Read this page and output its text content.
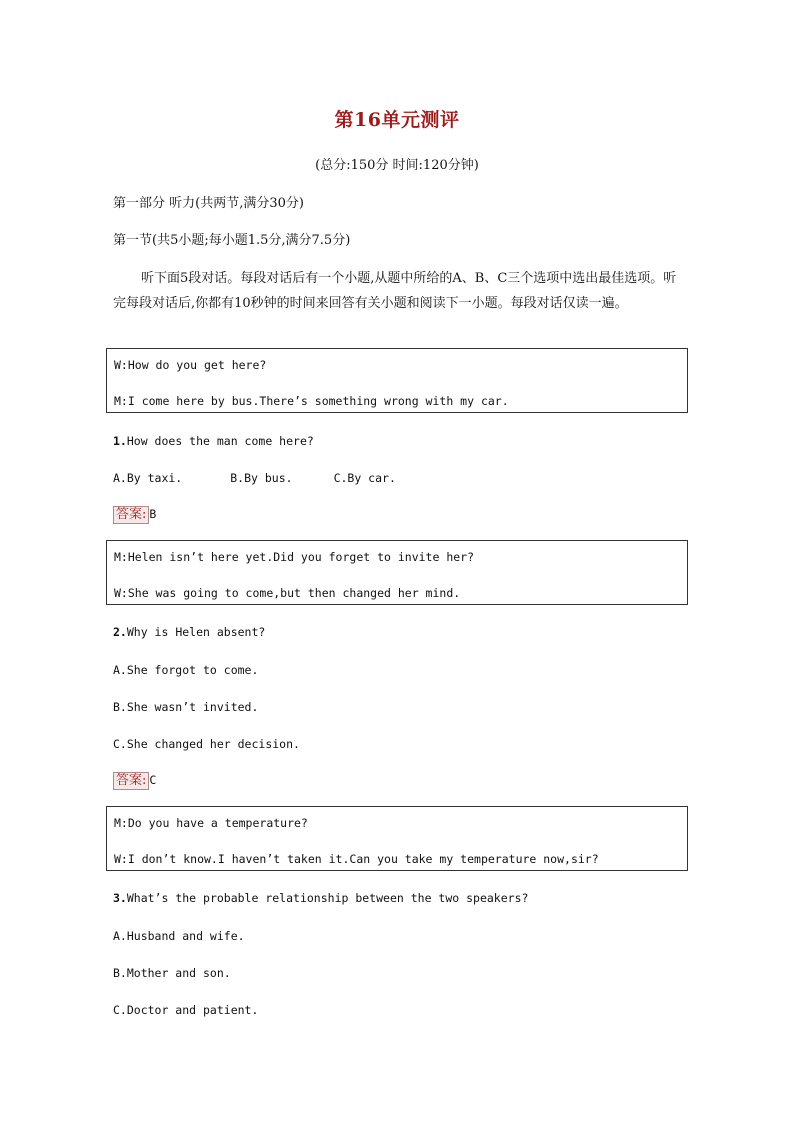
第16单元测评
(总分:150分 时间:120分钟)
第一部分 听力(共两节,满分30分)
第一节(共5小题;每小题1.5分,满分7.5分)
听下面5段对话。每段对话后有一个小题,从题中所给的A、B、C三个选项中选出最佳选项。听完每段对话后,你都有10秒钟的时间来回答有关小题和阅读下一小题。每段对话仅读一遍。
W:How do you get here?
M:I come here by bus.There’s something wrong with my car.
1.How does the man come here?
A.By taxi.	B.By bus.	C.By car.
答案: B
M:Helen isn’t here yet.Did you forget to invite her?
W:She was going to come,but then changed her mind.
2.Why is Helen absent?
A.She forgot to come.
B.She wasn’t invited.
C.She changed her decision.
答案: C
M:Do you have a temperature?
W:I don’t know.I haven’t taken it.Can you take my temperature now,sir?
3.What’s the probable relationship between the two speakers?
A.Husband and wife.
B.Mother and son.
C.Doctor and patient.
